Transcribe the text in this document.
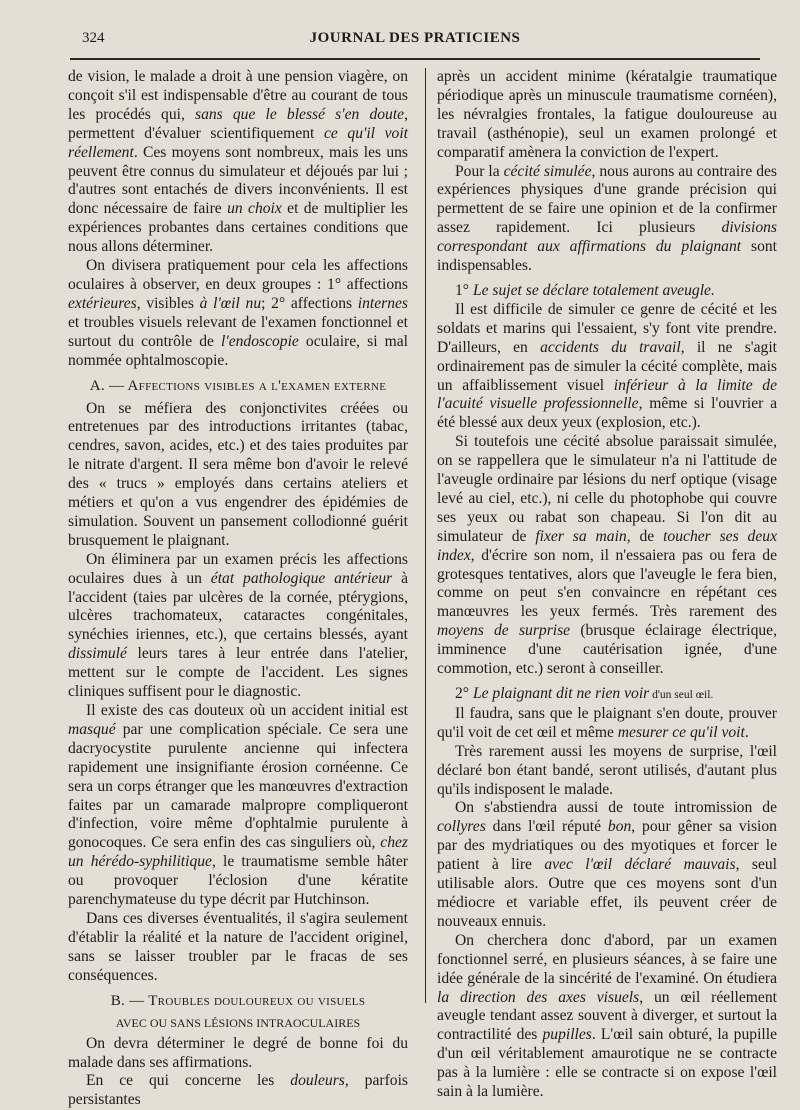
324	JOURNAL DES PRATICIENS

de vision, le malade a droit à une pension viagère, on conçoit s'il est indispensable d'être au courant de tous les procédés qui, sans que le blessé s'en doute, permettent d'évaluer scientifiquement ce qu'il voit réellement. Ces moyens sont nombreux, mais les uns peuvent être connus du simulateur et déjoués par lui ; d'autres sont entachés de divers inconvénients. Il est donc nécessaire de faire un choix et de multiplier les expériences probantes dans certaines conditions que nous allons déterminer.

On divisera pratiquement pour cela les affections oculaires à observer, en deux groupes : 1° affections extérieures, visibles à l'œil nu; 2° affections internes et troubles visuels relevant de l'examen fonctionnel et surtout du contrôle de l'endoscopie oculaire, si mal nommée ophtalmoscopie.

A. — Affections visibles a l'examen externe

On se méfiera des conjonctivites créées ou entretenues par des introductions irritantes (tabac, cendres, savon, acides, etc.) et des taies produites par le nitrate d'argent. Il sera même bon d'avoir le relevé des « trucs » employés dans certains ateliers et métiers et qu'on a vus engendrer des épidémies de simulation. Souvent un pansement collodionné guérit brusquement le plaignant.

On éliminera par un examen précis les affections oculaires dues à un état pathologique antérieur à l'accident (taies par ulcères de la cornée, ptérygions, ulcères trachomateux, cataractes congénitales, synéchies iriennes, etc.), que certains blessés, ayant dissimulé leurs tares à leur entrée dans l'atelier, mettent sur le compte de l'accident. Les signes cliniques suffisent pour le diagnostic.

Il existe des cas douteux où un accident initial est masqué par une complication spéciale. Ce sera une dacryocystite purulente ancienne qui infectera rapidement une insignifiante érosion cornéenne. Ce sera un corps étranger que les manœuvres d'extraction faites par un camarade malpropre compliqueront d'infection, voire même d'ophtalmie purulente à gonocoques. Ce sera enfin des cas singuliers où, chez un hérédo-syphilitique, le traumatisme semble hâter ou provoquer l'éclosion d'une kératite parenchymateuse du type décrit par Hutchinson.

Dans ces diverses éventualités, il s'agira seulement d'établir la réalité et la nature de l'accident originel, sans se laisser troubler par le fracas de ses conséquences.

B. — Troubles douloureux ou visuels
AVEC OU SANS LÉSIONS INTRAOCULAIRES

On devra déterminer le degré de bonne foi du malade dans ses affirmations.

En ce qui concerne les douleurs, parfois persistantes

après un accident minime (kératalgie traumatique périodique après un minuscule traumatisme cornéen), les névralgies frontales, la fatigue douloureuse au travail (asthénopie), seul un examen prolongé et comparatif amènera la conviction de l'expert.

Pour la cécité simulée, nous aurons au contraire des expériences physiques d'une grande précision qui permettent de se faire une opinion et de la confirmer assez rapidement. Ici plusieurs divisions correspondant aux affirmations du plaignant sont indispensables.

1° Le sujet se déclare totalement aveugle.

Il est difficile de simuler ce genre de cécité et les soldats et marins qui l'essaient, s'y font vite prendre. D'ailleurs, en accidents du travail, il ne s'agit ordinairement pas de simuler la cécité complète, mais un affaiblissement visuel inférieur à la limite de l'acuité visuelle professionnelle, même si l'ouvrier a été blessé aux deux yeux (explosion, etc.).

Si toutefois une cécité absolue paraissait simulée, on se rappellera que le simulateur n'a ni l'attitude de l'aveugle ordinaire par lésions du nerf optique (visage levé au ciel, etc.), ni celle du photophobe qui couvre ses yeux ou rabat son chapeau. Si l'on dit au simulateur de fixer sa main, de toucher ses deux index, d'écrire son nom, il n'essaiera pas ou fera de grotesques tentatives, alors que l'aveugle le fera bien, comme on peut s'en convaincre en répétant ces manœuvres les yeux fermés. Très rarement des moyens de surprise (brusque éclairage électrique, imminence d'une cautérisation ignée, d'une commotion, etc.) seront à conseiller.

2° Le plaignant dit ne rien voir d'un seul œil.

Il faudra, sans que le plaignant s'en doute, prouver qu'il voit de cet œil et même mesurer ce qu'il voit.

Très rarement aussi les moyens de surprise, l'œil déclaré bon étant bandé, seront utilisés, d'autant plus qu'ils indisposent le malade.

On s'abstiendra aussi de toute intromission de collyres dans l'œil réputé bon, pour gêner sa vision par des mydriatiques ou des myotiques et forcer le patient à lire avec l'œil déclaré mauvais, seul utilisable alors. Outre que ces moyens sont d'un médiocre et variable effet, ils peuvent créer de nouveaux ennuis.

On cherchera donc d'abord, par un examen fonctionnel serré, en plusieurs séances, à se faire une idée générale de la sincérité de l'examiné. On étudiera la direction des axes visuels, un œil réellement aveugle tendant assez souvent à diverger, et surtout la contractilité des pupilles. L'œil sain obturé, la pupille d'un œil véritablement amaurotique ne se contracte pas à la lumière : elle se contracte si on expose l'œil sain à la lumière.
